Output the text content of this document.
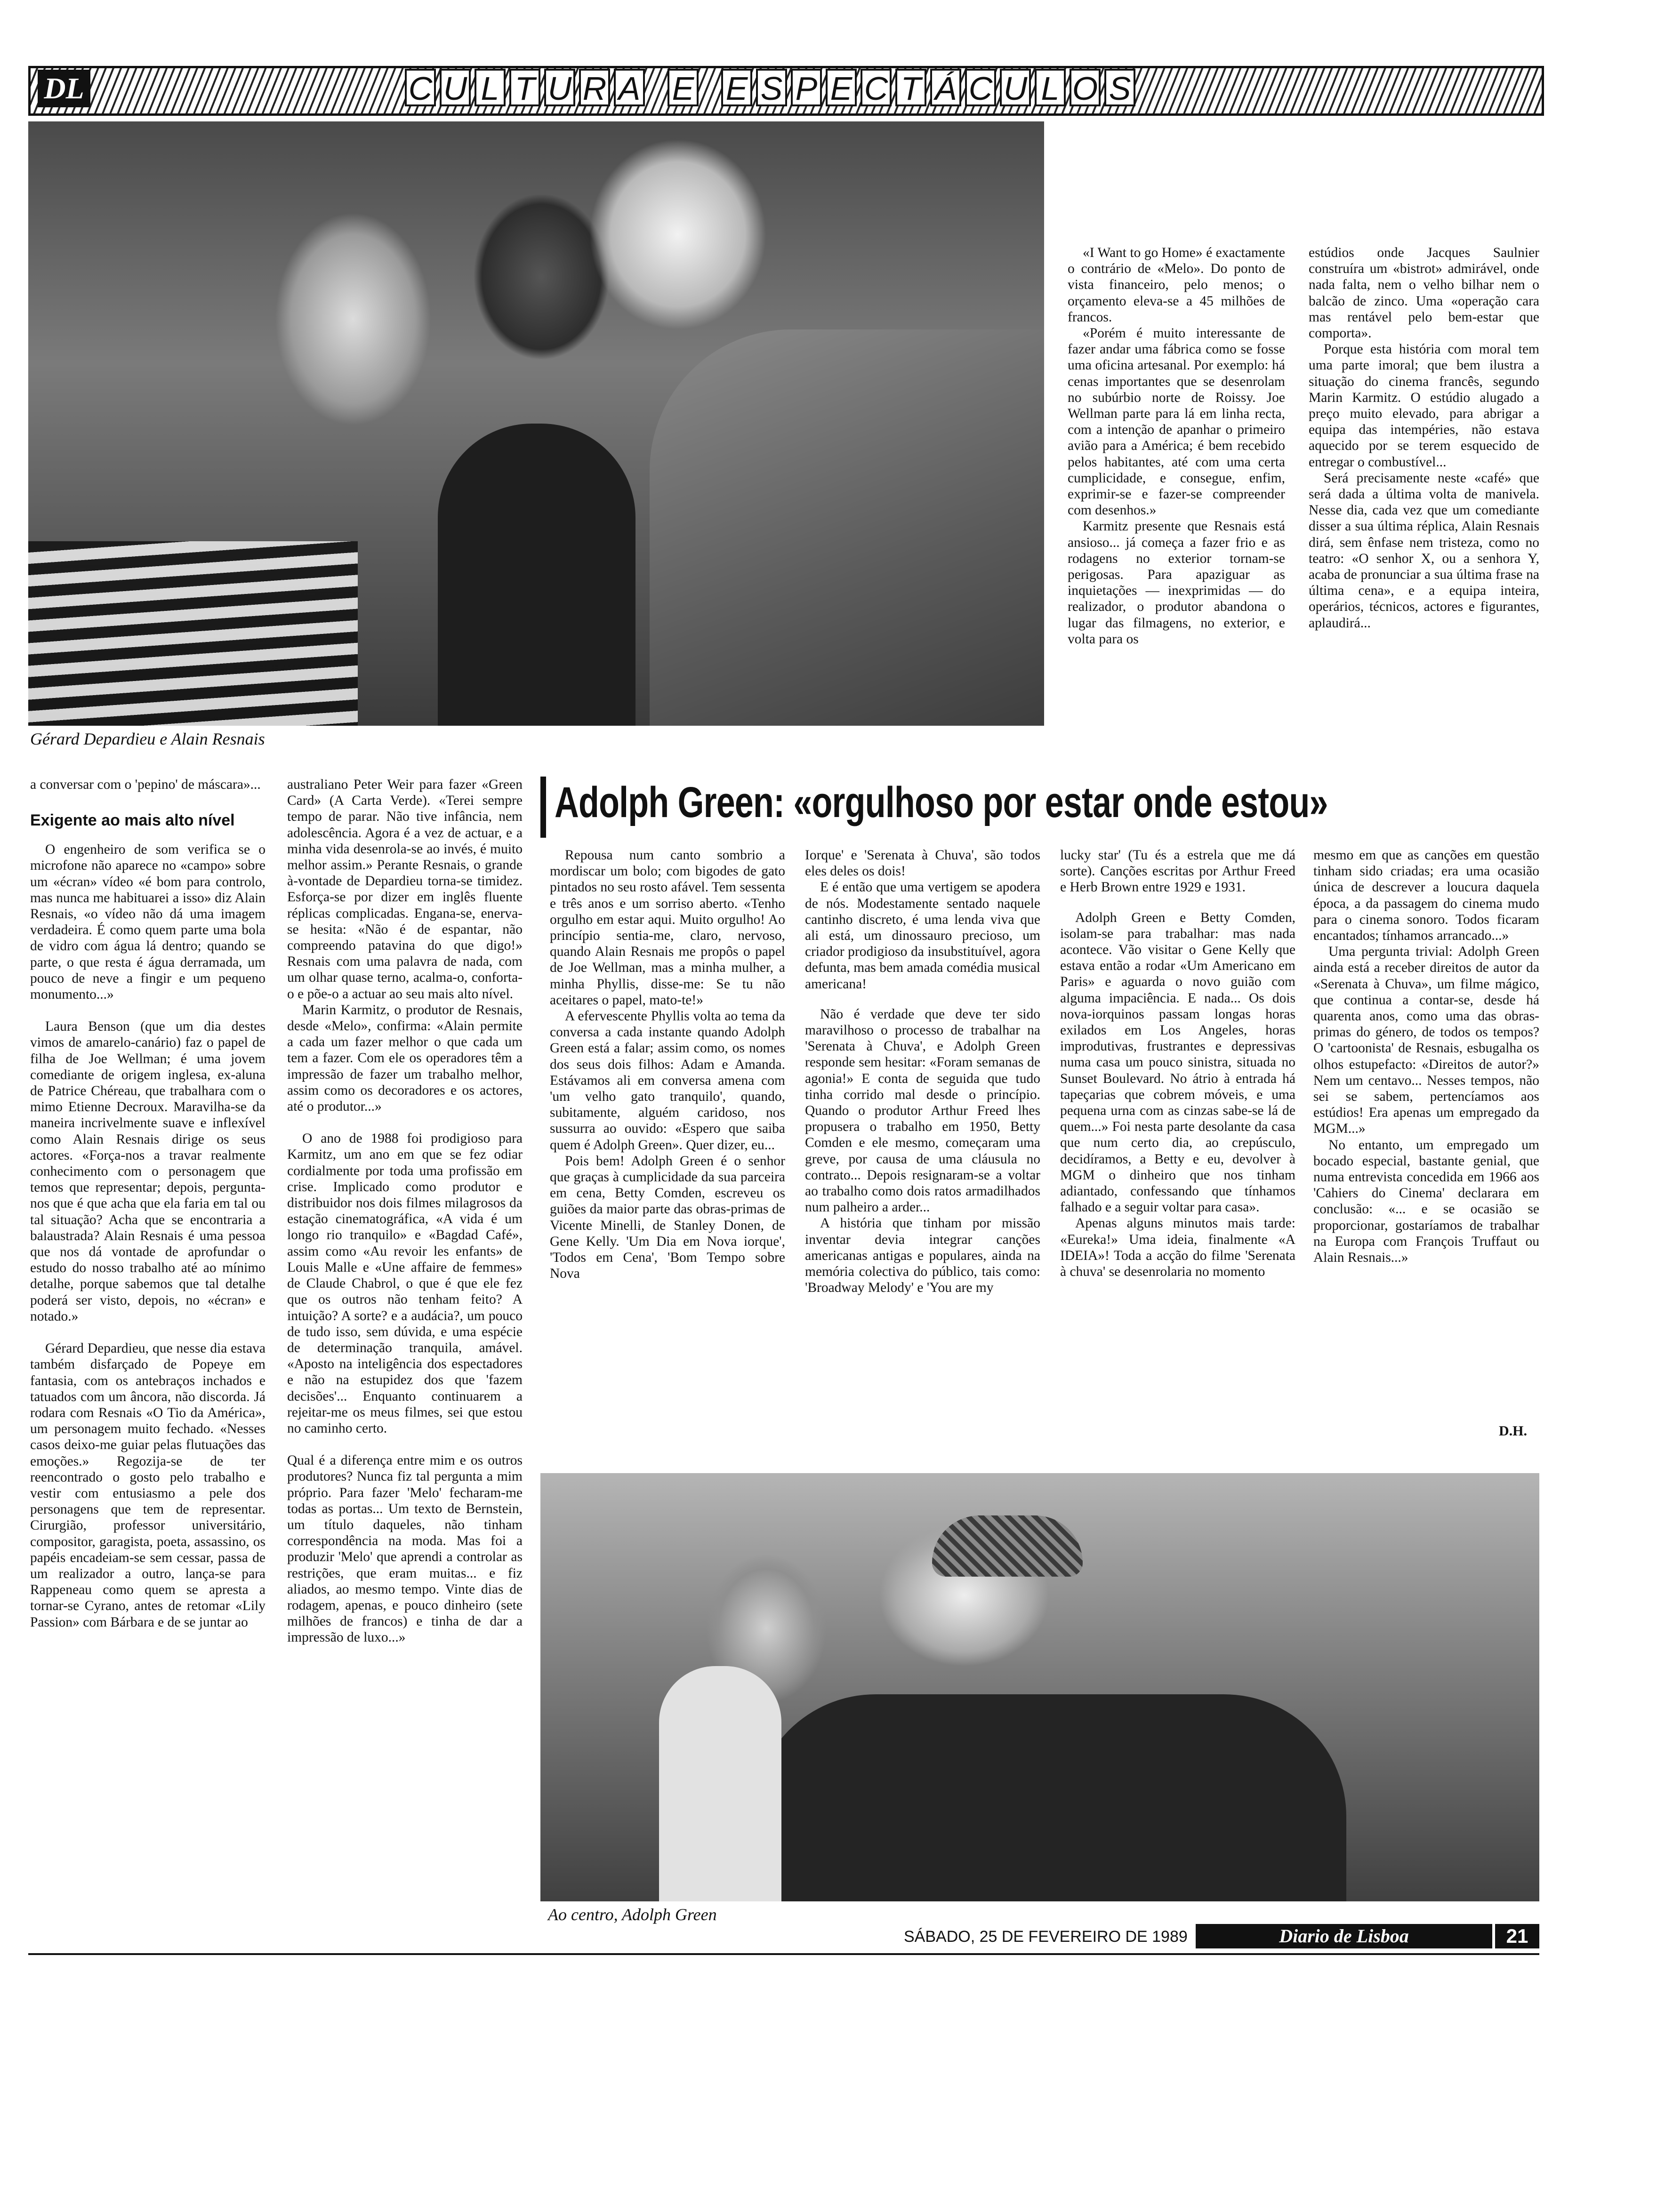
DL	C U L T U R A E E S P E C T Á C U L O S
Gérard Depardieu e Alain Resnais

«I Want to go Home» é exactamente o contrário de «Melo». Do ponto de vista financeiro, pelo menos; o orçamento eleva-se a 45 milhões de francos.

«Porém é muito interessante de fazer andar uma fábrica como se fosse uma oficina artesanal. Por exemplo: há cenas importantes que se desenrolam no subúrbio norte de Roissy. Joe Wellman parte para lá em linha recta, com a intenção de apanhar o primeiro avião para a América; é bem recebido pelos habitantes, até com uma certa cumplicidade, e consegue, enfim, exprimir-se e fazer-se compreender com desenhos.»

Karmitz presente que Resnais está ansioso... já começa a fazer frio e as rodagens no exterior tornam-se perigosas. Para apaziguar as inquietações — inexprimidas — do realizador, o produtor abandona o lugar das filmagens, no exterior, e volta para os

estúdios onde Jacques Saulnier construíra um «bistrot» admirável, onde nada falta, nem o velho bilhar nem o balcão de zinco. Uma «operação cara mas rentável pelo bem-estar que comporta».

Porque esta história com moral tem uma parte imoral; que bem ilustra a situação do cinema francês, segundo Marin Karmitz. O estúdio alugado a preço muito elevado, para abrigar a equipa das intempéries, não estava aquecido por se terem esquecido de entregar o combustível...

Será precisamente neste «café» que será dada a última volta de manivela. Nesse dia, cada vez que um comediante disser a sua última réplica, Alain Resnais dirá, sem ênfase nem tristeza, como no teatro: «O senhor X, ou a senhora Y, acaba de pronunciar a sua última frase na última cena», e a equipa inteira, operários, técnicos, actores e figurantes, aplaudirá...

a conversar com o 'pepino' de máscara»...

Exigente ao mais alto nível

O engenheiro de som verifica se o microfone não aparece no «campo» sobre um «écran» vídeo «é bom para controlo, mas nunca me habituarei a isso» diz Alain Resnais, «o vídeo não dá uma imagem verdadeira. É como quem parte uma bola de vidro com água lá dentro; quando se parte, o que resta é água derramada, um pouco de neve a fingir e um pequeno monumento...»

Laura Benson (que um dia destes vimos de amarelo-canário) faz o papel de filha de Joe Wellman; é uma jovem comediante de origem inglesa, ex-aluna de Patrice Chéreau, que trabalhara com o mimo Etienne Decroux. Maravilha-se da maneira incrivelmente suave e inflexível como Alain Resnais dirige os seus actores. «Força-nos a travar realmente conhecimento com o personagem que temos que representar; depois, pergunta-nos que é que acha que ela faria em tal ou tal situação? Acha que se encontraria a balaustrada? Alain Resnais é uma pessoa que nos dá vontade de aprofundar o estudo do nosso trabalho até ao mínimo detalhe, porque sabemos que tal detalhe poderá ser visto, depois, no «écran» e notado.»

Gérard Depardieu, que nesse dia estava também disfarçado de Popeye em fantasia, com os antebraços inchados e tatuados com um âncora, não discorda. Já rodara com Resnais «O Tio da América», um personagem muito fechado. «Nesses casos deixo-me guiar pelas flutuações das emoções.» Regozija-se de ter reencontrado o gosto pelo trabalho e vestir com entusiasmo a pele dos personagens que tem de representar. Cirurgião, professor universitário, compositor, garagista, poeta, assassino, os papéis encadeiam-se sem cessar, passa de um realizador a outro, lança-se para Rappeneau como quem se apresta a tornar-se Cyrano, antes de retomar «Lily Passion» com Bárbara e de se juntar ao

australiano Peter Weir para fazer «Green Card» (A Carta Verde). «Terei sempre tempo de parar. Não tive infância, nem adolescência. Agora é a vez de actuar, e a minha vida desenrola-se ao invés, é muito melhor assim.» Perante Resnais, o grande à-vontade de Depardieu torna-se timidez. Esforça-se por dizer em inglês fluente réplicas complicadas. Engana-se, enerva-se hesita: «Não é de espantar, não compreendo patavina do que digo!» Resnais com uma palavra de nada, com um olhar quase terno, acalma-o, conforta-o e põe-o a actuar ao seu mais alto nível.

Marin Karmitz, o produtor de Resnais, desde «Melo», confirma: «Alain permite a cada um fazer melhor o que cada um tem a fazer. Com ele os operadores têm a impressão de fazer um trabalho melhor, assim como os decoradores e os actores, até o produtor...»

O ano de 1988 foi prodigioso para Karmitz, um ano em que se fez odiar cordialmente por toda uma profissão em crise. Implicado como produtor e distribuidor nos dois filmes milagrosos da estação cinematográfica, «A vida é um longo rio tranquilo» e «Bagdad Café», assim como «Au revoir les enfants» de Louis Malle e «Une affaire de femmes» de Claude Chabrol, o que é que ele fez que os outros não tenham feito? A intuição? A sorte? e a audácia?, um pouco de tudo isso, sem dúvida, e uma espécie de determinação tranquila, amável. «Aposto na inteligência dos espectadores e não na estupidez dos que 'fazem decisões'... Enquanto continuarem a rejeitar-me os meus filmes, sei que estou no caminho certo.

Qual é a diferença entre mim e os outros produtores? Nunca fiz tal pergunta a mim próprio. Para fazer 'Melo' fecharam-me todas as portas... Um texto de Bernstein, um título daqueles, não tinham correspondência na moda. Mas foi a produzir 'Melo' que aprendi a controlar as restrições, que eram muitas... e fiz aliados, ao mesmo tempo. Vinte dias de rodagem, apenas, e pouco dinheiro (sete milhões de francos) e tinha de dar a impressão de luxo...»

Adolph Green: «orgulhoso por estar onde estou»

Repousa num canto sombrio a mordiscar um bolo; com bigodes de gato pintados no seu rosto afável. Tem sessenta e três anos e um sorriso aberto. «Tenho orgulho em estar aqui. Muito orgulho! Ao princípio sentia-me, claro, nervoso, quando Alain Resnais me propôs o papel de Joe Wellman, mas a minha mulher, a minha Phyllis, disse-me: Se tu não aceitares o papel, mato-te!»

A efervescente Phyllis volta ao tema da conversa a cada instante quando Adolph Green está a falar; assim como, os nomes dos seus dois filhos: Adam e Amanda. Estávamos ali em conversa amena com 'um velho gato tranquilo', quando, subitamente, alguém caridoso, nos sussurra ao ouvido: «Espero que saiba quem é Adolph Green». Quer dizer, eu...

Pois bem! Adolph Green é o senhor que graças à cumplicidade da sua parceira em cena, Betty Comden, escreveu os guiões da maior parte das obras-primas de Vicente Minelli, de Stanley Donen, de Gene Kelly. 'Um Dia em Nova iorque', 'Todos em Cena', 'Bom Tempo sobre Nova

Iorque' e 'Serenata à Chuva', são todos eles deles os dois!

E é então que uma vertigem se apodera de nós. Modestamente sentado naquele cantinho discreto, é uma lenda viva que ali está, um dinossauro precioso, um criador prodigioso da insubstituível, agora defunta, mas bem amada comédia musical americana!

Não é verdade que deve ter sido maravilhoso o processo de trabalhar na 'Serenata à Chuva', e Adolph Green responde sem hesitar: «Foram semanas de agonia!» E conta de seguida que tudo tinha corrido mal desde o princípio. Quando o produtor Arthur Freed lhes propusera o trabalho em 1950, Betty Comden e ele mesmo, começaram uma greve, por causa de uma cláusula no contrato... Depois resignaram-se a voltar ao trabalho como dois ratos armadilhados num palheiro a arder...

A história que tinham por missão inventar devia integrar canções americanas antigas e populares, ainda na memória colectiva do público, tais como: 'Broadway Melody' e 'You are my

lucky star' (Tu és a estrela que me dá sorte). Canções escritas por Arthur Freed e Herb Brown entre 1929 e 1931.

Adolph Green e Betty Comden, isolam-se para trabalhar: mas nada acontece. Vão visitar o Gene Kelly que estava então a rodar «Um Americano em Paris» e aguarda o novo guião com alguma impaciência. E nada... Os dois nova-iorquinos passam longas horas exilados em Los Angeles, horas improdutivas, frustrantes e depressivas numa casa um pouco sinistra, situada no Sunset Boulevard. No átrio à entrada há tapeçarias que cobrem móveis, e uma pequena urna com as cinzas sabe-se lá de quem...» Foi nesta parte desolante da casa que num certo dia, ao crepúsculo, decidíramos, a Betty e eu, devolver à MGM o dinheiro que nos tinham adiantado, confessando que tínhamos falhado e a seguir voltar para casa».

Apenas alguns minutos mais tarde: «Eureka!» Uma ideia, finalmente «A IDEIA»! Toda a acção do filme 'Serenata à chuva' se desenrolaria no momento

mesmo em que as canções em questão tinham sido criadas; era uma ocasião única de descrever a loucura daquela época, a da passagem do cinema mudo para o cinema sonoro. Todos ficaram encantados; tínhamos arrancado...»

Uma pergunta trivial: Adolph Green ainda está a receber direitos de autor da «Serenata à Chuva», um filme mágico, que continua a contar-se, desde há quarenta anos, como uma das obras-primas do género, de todos os tempos? O 'cartoonista' de Resnais, esbugalha os olhos estupefacto: «Direitos de autor?» Nem um centavo... Nesses tempos, não sei se sabem, pertencíamos aos estúdios! Era apenas um empregado da MGM...»

No entanto, um empregado um bocado especial, bastante genial, que numa entrevista concedida em 1966 aos 'Cahiers do Cinema' declarara em conclusão: «... e se ocasião se proporcionar, gostaríamos de trabalhar na Europa com François Truffaut ou Alain Resnais...»

D.H.
Ao centro, Adolph Green
SÁBADO, 25 DE FEVEREIRO DE 1989	Diario de Lisboa	21
